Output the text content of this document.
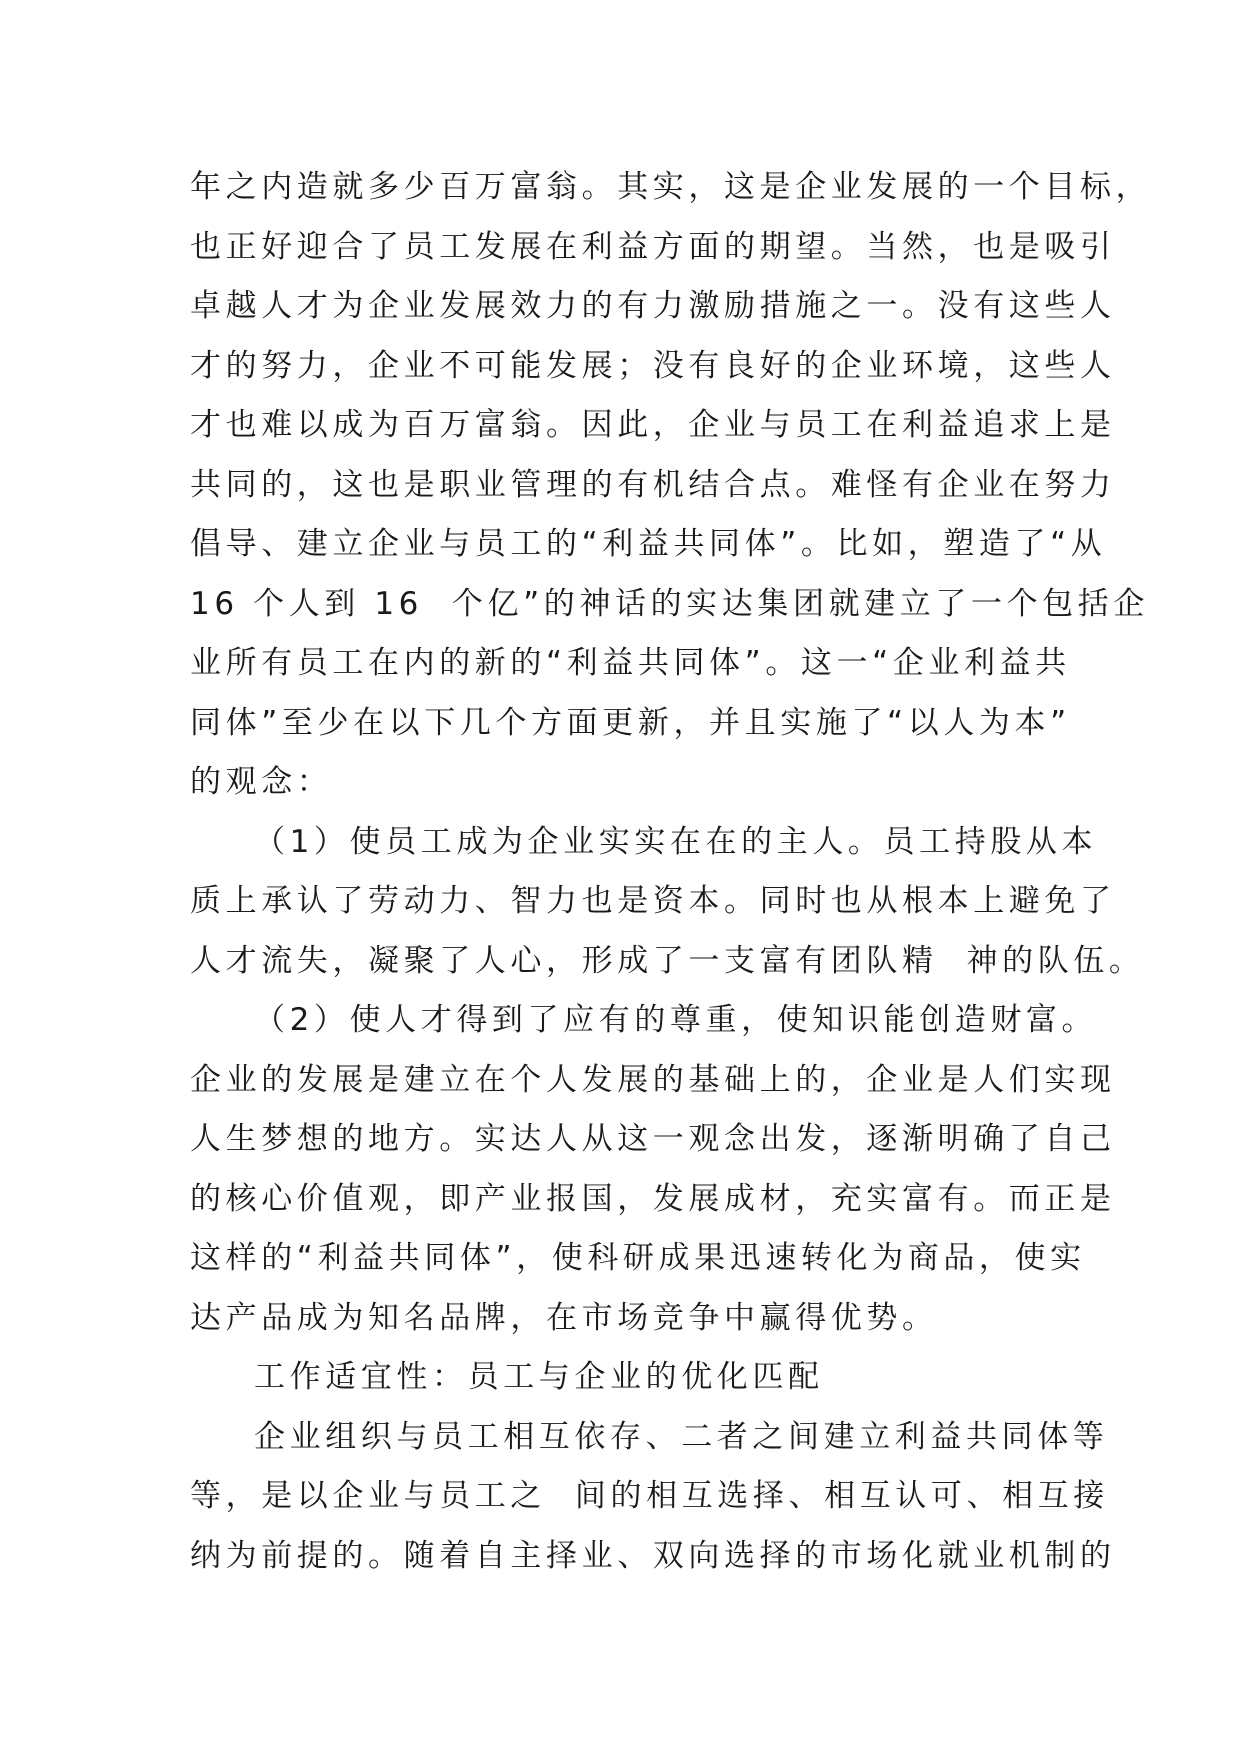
年之内造就多少百万富翁。其实，这是企业发展的一个目标，
也正好迎合了员工发展在利益方面的期望。当然，也是吸引
卓越人才为企业发展效力的有力激励措施之一。没有这些人
才的努力，企业不可能发展；没有良好的企业环境，这些人
才也难以成为百万富翁。因此，企业与员工在利益追求上是
共同的，这也是职业管理的有机结合点。难怪有企业在努力
倡导、建立企业与员工的“利益共同体”。比如，塑造了“从
16 个人到 16  个亿”的神话的实达集团就建立了一个包括企
业所有员工在内的新的“利益共同体”。这一“企业利益共
同体”至少在以下几个方面更新，并且实施了“以人为本”
的观念：
（1）使员工成为企业实实在在的主人。员工持股从本
质上承认了劳动力、智力也是资本。同时也从根本上避免了
人才流失，凝聚了人心，形成了一支富有团队精  神的队伍。
（2）使人才得到了应有的尊重，使知识能创造财富。
企业的发展是建立在个人发展的基础上的，企业是人们实现
人生梦想的地方。实达人从这一观念出发，逐渐明确了自己
的核心价值观，即产业报国，发展成材，充实富有。而正是
这样的“利益共同体”，使科研成果迅速转化为商品，使实
达产品成为知名品牌，在市场竞争中赢得优势。
工作适宜性：员工与企业的优化匹配
企业组织与员工相互依存、二者之间建立利益共同体等
等，是以企业与员工之  间的相互选择、相互认可、相互接
纳为前提的。随着自主择业、双向选择的市场化就业机制的
